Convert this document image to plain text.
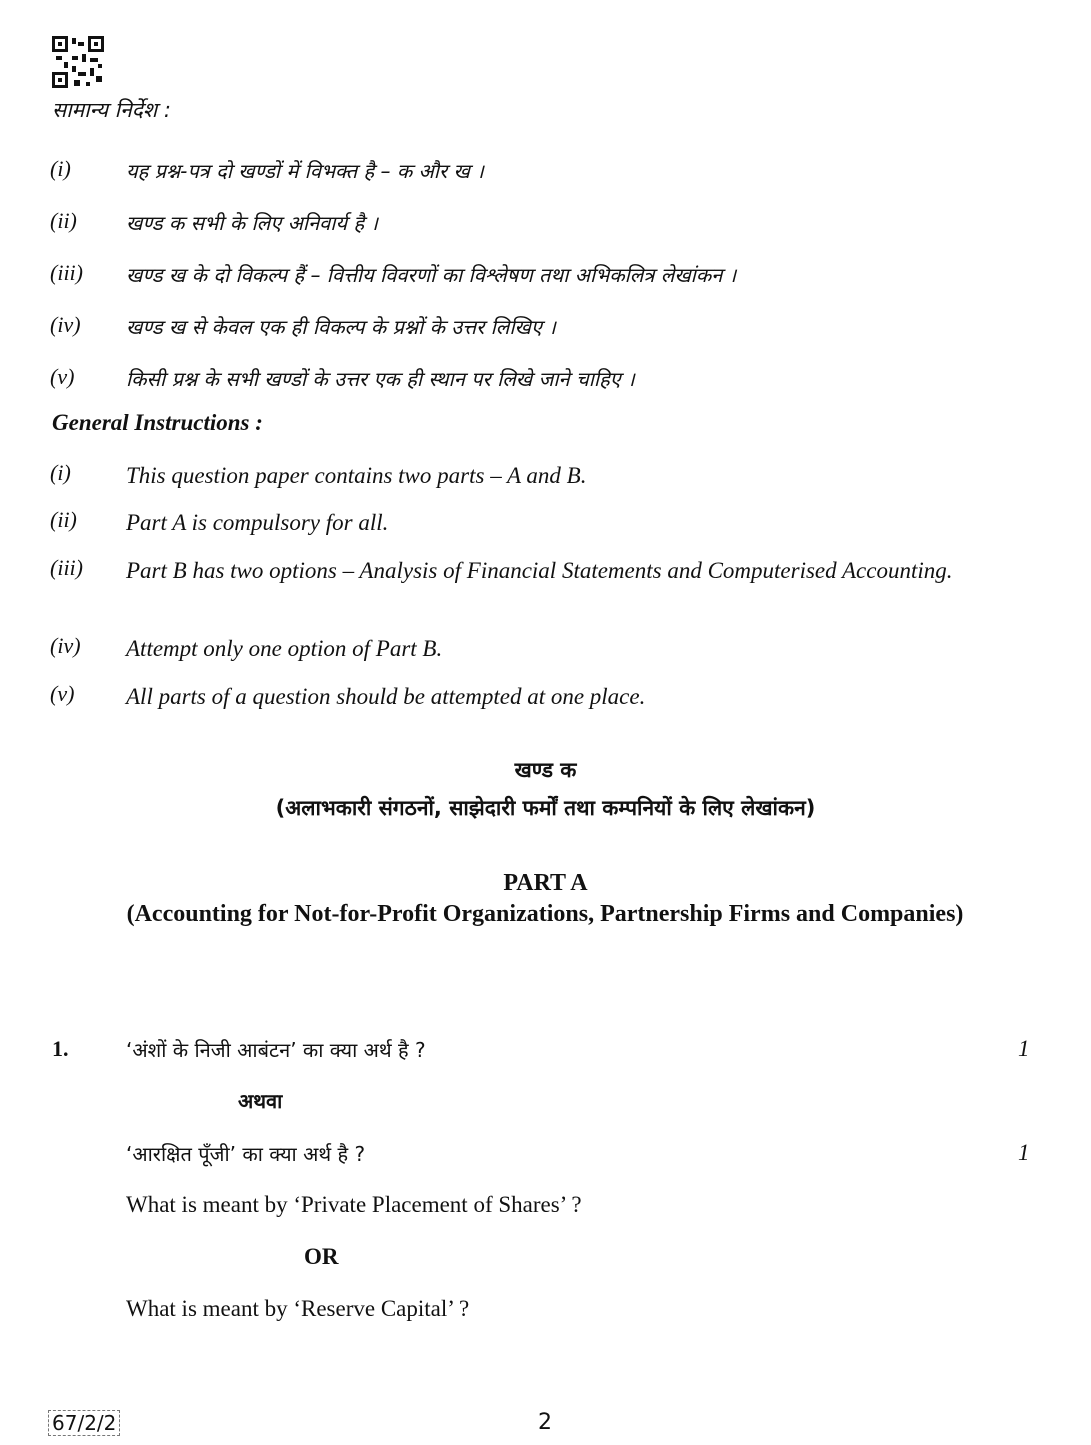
सामान्य निर्देश :
(i)	यह प्रश्न-पत्र दो खण्डों में विभक्त है – क और ख ।
(ii) खण्ड क सभी के लिए अनिवार्य है ।
(iii) खण्ड ख के दो विकल्प हैं – वित्तीय विवरणों का विश्लेषण तथा अभिकलित्र लेखांकन ।
(iv) खण्ड ख से केवल एक ही विकल्प के प्रश्नों के उत्तर लिखिए ।
(v)	किसी प्रश्न के सभी खण्डों के उत्तर एक ही स्थान पर लिखे जाने चाहिए ।
General Instructions :
(i) This question paper contains two parts – A and B.
(ii) Part A is compulsory for all.
(iii) Part B has two options – Analysis of Financial Statements and Computerised Accounting.
(iv) Attempt only one option of Part B.
(v) All parts of a question should be attempted at one place.
खण्ड क
(अलाभकारी संगठनों, साझेदारी फर्मों तथा कम्पनियों के लिए लेखांकन)
PART A
(Accounting for Not-for-Profit Organizations, Partnership Firms and Companies)
1.	‘अंशों के निजी आबंटन’ का क्या अर्थ है ?	1
अथवा
‘आरक्षित पूँजी’ का क्या अर्थ है ?	1
What is meant by ‘Private Placement of Shares’ ?
OR
What is meant by ‘Reserve Capital’ ?
67/2/2	2
